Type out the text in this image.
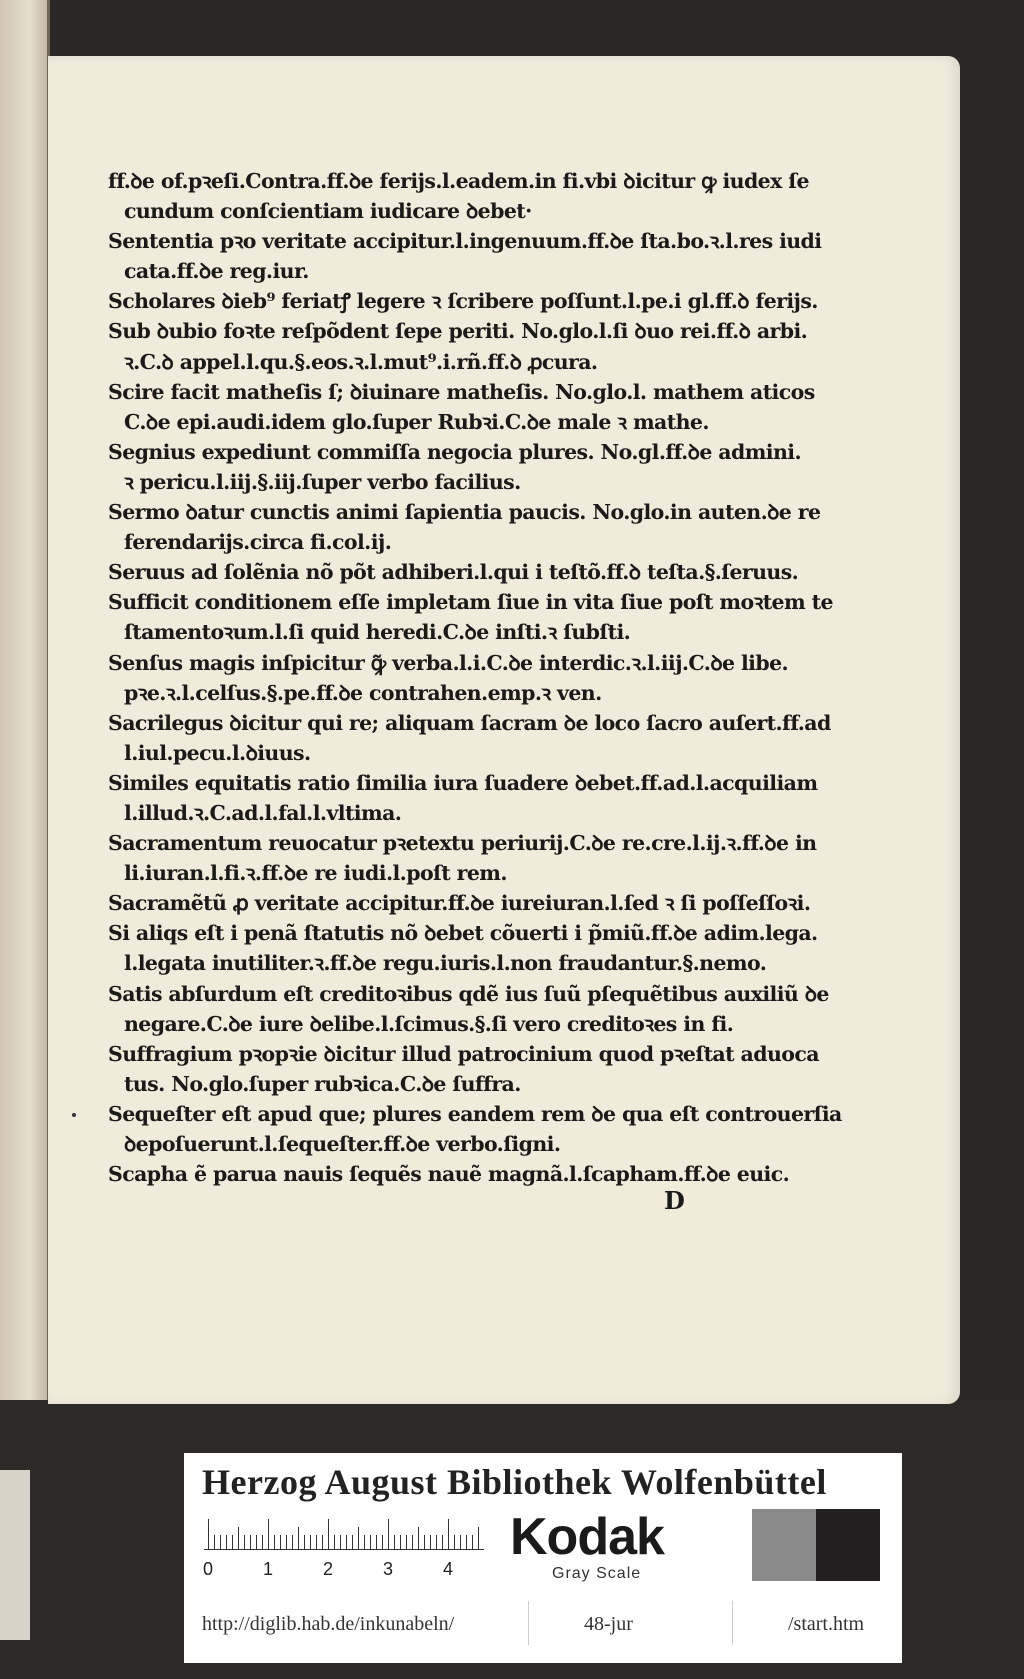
ff.ꝺe of.pꝛeſi.Contra.ff.ꝺe ferijs.l.eadem.in fi.vbi ꝺicitur ꝙ iudex ſe
cundum conſcientiam iudicare ꝺebet·
Sententia pꝛo veritate accipitur.l.ingenuum.ff.ꝺe ſta.bo.ꝛ.l.res iudi
cata.ff.ꝺe reg.iur.
Scholares ꝺieb⁹ feriatꝭ legere ꝛ ſcribere poſſunt.l.pe.i gl.ff.ꝺ ferijs.
Sub ꝺubio foꝛte reſpõdent ſepe periti. No.glo.l.ſi ꝺuo rei.ff.ꝺ arbi.
ꝛ.C.ꝺ appel.l.qu.§.eos.ꝛ.l.mut⁹.i.rñ.ff.ꝺ ꝓcura.
Scire facit matheſis ſ; ꝺiuinare matheſis. No.glo.l. mathem aticos
C.ꝺe epi.audi.idem glo.ſuper Rubꝛi.C.ꝺe male ꝛ mathe.
Segnius expediunt commiſſa negocia plures. No.gl.ff.ꝺe admini.
ꝛ pericu.l.iij.§.iij.ſuper verbo facilius.
Sermo ꝺatur cunctis animi ſapientia paucis. No.glo.in auten.ꝺe re
ferendarijs.circa fi.col.ij.
Seruus ad ſolẽnia nõ põt adhiberi.l.qui i teſtõ.ff.ꝺ teſta.§.ſeruus.
Sufficit conditionem eſſe impletam ſiue in vita ſiue poſt moꝛtem te
ſtamentoꝛum.l.ſi quid heredi.C.ꝺe inſti.ꝛ ſubſti.
Senſus magis inſpicitur ꝙ̃ verba.l.i.C.ꝺe interdic.ꝛ.l.iij.C.ꝺe libe.
pꝛe.ꝛ.l.celſus.§.pe.ff.ꝺe contrahen.emp.ꝛ ven.
Sacrilegus ꝺicitur qui re; aliquam ſacram ꝺe loco ſacro auſert.ff.ad
l.iul.pecu.l.ꝺiuus.
Similes equitatis ratio ſimilia iura ſuadere ꝺebet.ff.ad.l.acquiliam
l.illud.ꝛ.C.ad.l.fal.l.vltima.
Sacramentum reuocatur pꝛetextu periurij.C.ꝺe re.cre.l.ij.ꝛ.ff.ꝺe in
li.iuran.l.fi.ꝛ.ff.ꝺe re iudi.l.poſt rem.
Sacramẽtũ ꝓ veritate accipitur.ff.ꝺe iureiuran.l.ſed ꝛ ſi poſſeſſoꝛi.
Si aliqs eſt i penã ſtatutis nõ ꝺebet cõuerti i p̃miũ.ff.ꝺe adim.lega.
l.legata inutiliter.ꝛ.ff.ꝺe regu.iuris.l.non fraudantur.§.nemo.
Satis abſurdum eſt creditoꝛibus qdẽ ius ſuũ pſequẽtibus auxiliũ ꝺe
negare.C.ꝺe iure ꝺelibe.l.ſcimus.§.ſi vero creditoꝛes in fi.
Suffragium pꝛopꝛie ꝺicitur illud patrocinium quod pꝛeſtat aduoca
tus. No.glo.ſuper rubꝛica.C.ꝺe ſuffra.
Sequeſter eſt apud que; plures eandem rem ꝺe qua eſt controuerſia
ꝺepoſuerunt.l.ſequeſter.ff.ꝺe verbo.ſigni.
Scapha ẽ parua nauis ſequẽs nauẽ magnã.l.ſcapham.ff.ꝺe euic.
D
Herzog August Bibliothek Wolfenbüttel
0	1	2	3	4
Kodak
Gray Scale
http://diglib.hab.de/inkunabeln/	48-jur	/start.htm
